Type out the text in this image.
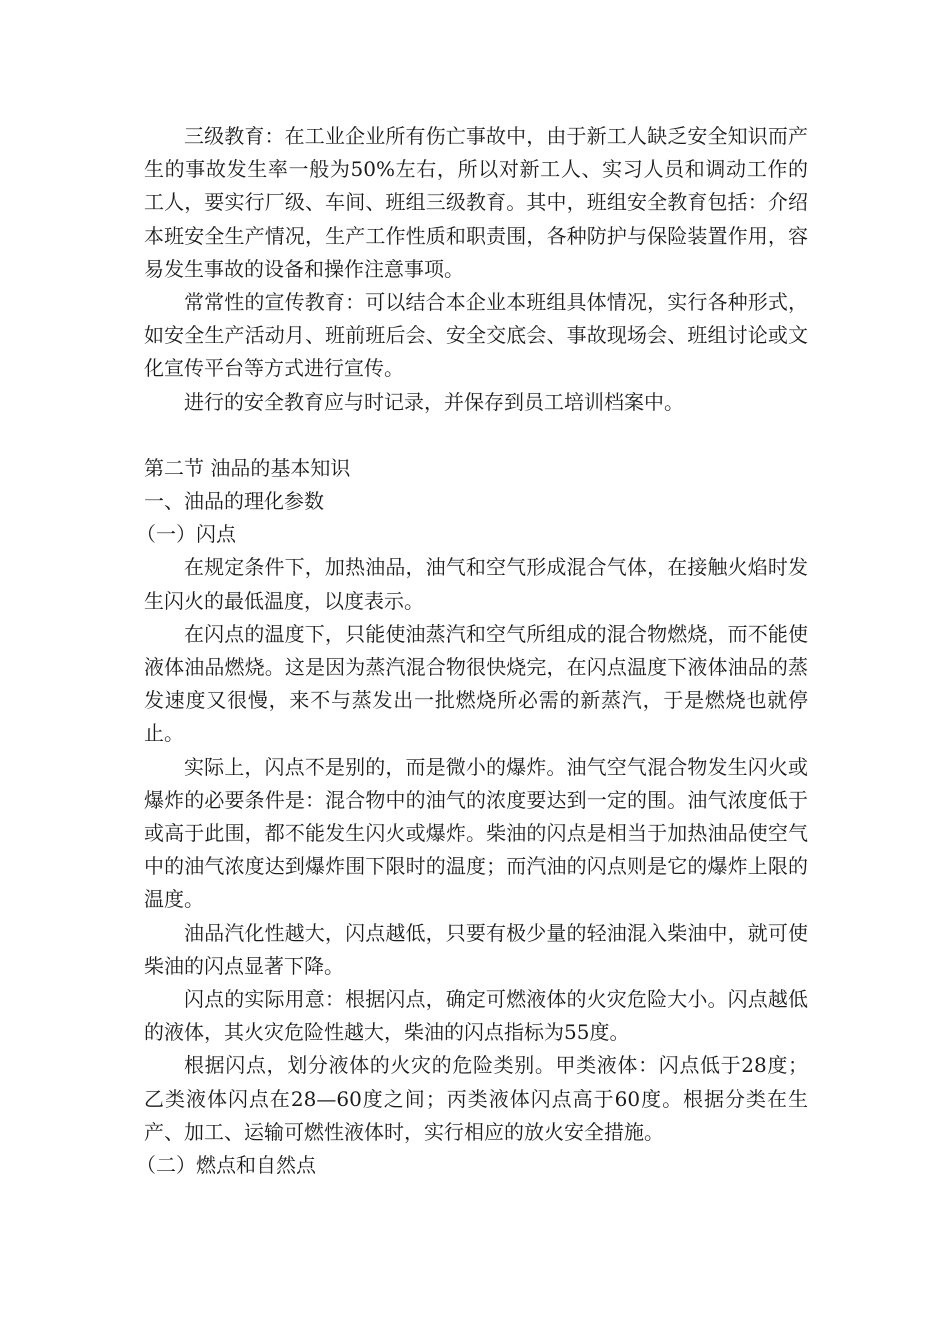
三级教育：在工业企业所有伤亡事故中，由于新工人缺乏安全知识而产生的事故发生率一般为50%左右，所以对新工人、实习人员和调动工作的工人，要实行厂级、车间、班组三级教育。其中，班组安全教育包括：介绍本班安全生产情况，生产工作性质和职责围，各种防护与保险装置作用，容易发生事故的设备和操作注意事项。

常常性的宣传教育：可以结合本企业本班组具体情况，实行各种形式，如安全生产活动月、班前班后会、安全交底会、事故现场会、班组讨论或文化宣传平台等方式进行宣传。

进行的安全教育应与时记录，并保存到员工培训档案中。

第二节 油品的基本知识
一、油品的理化参数
（一）闪点

在规定条件下，加热油品，油气和空气形成混合气体，在接触火焰时发生闪火的最低温度，以度表示。

在闪点的温度下，只能使油蒸汽和空气所组成的混合物燃烧，而不能使液体油品燃烧。这是因为蒸汽混合物很快烧完，在闪点温度下液体油品的蒸发速度又很慢，来不与蒸发出一批燃烧所必需的新蒸汽，于是燃烧也就停止。

实际上，闪点不是别的，而是微小的爆炸。油气空气混合物发生闪火或爆炸的必要条件是：混合物中的油气的浓度要达到一定的围。油气浓度低于或高于此围，都不能发生闪火或爆炸。柴油的闪点是相当于加热油品使空气中的油气浓度达到爆炸围下限时的温度；而汽油的闪点则是它的爆炸上限的温度。

油品汽化性越大，闪点越低，只要有极少量的轻油混入柴油中，就可使柴油的闪点显著下降。

闪点的实际用意：根据闪点，确定可燃液体的火灾危险大小。闪点越低的液体，其火灾危险性越大，柴油的闪点指标为55度。

根据闪点，划分液体的火灾的危险类别。甲类液体：闪点低于28度；乙类液体闪点在28—60度之间；丙类液体闪点高于60度。根据分类在生产、加工、运输可燃性液体时，实行相应的放火安全措施。

（二）燃点和自然点
